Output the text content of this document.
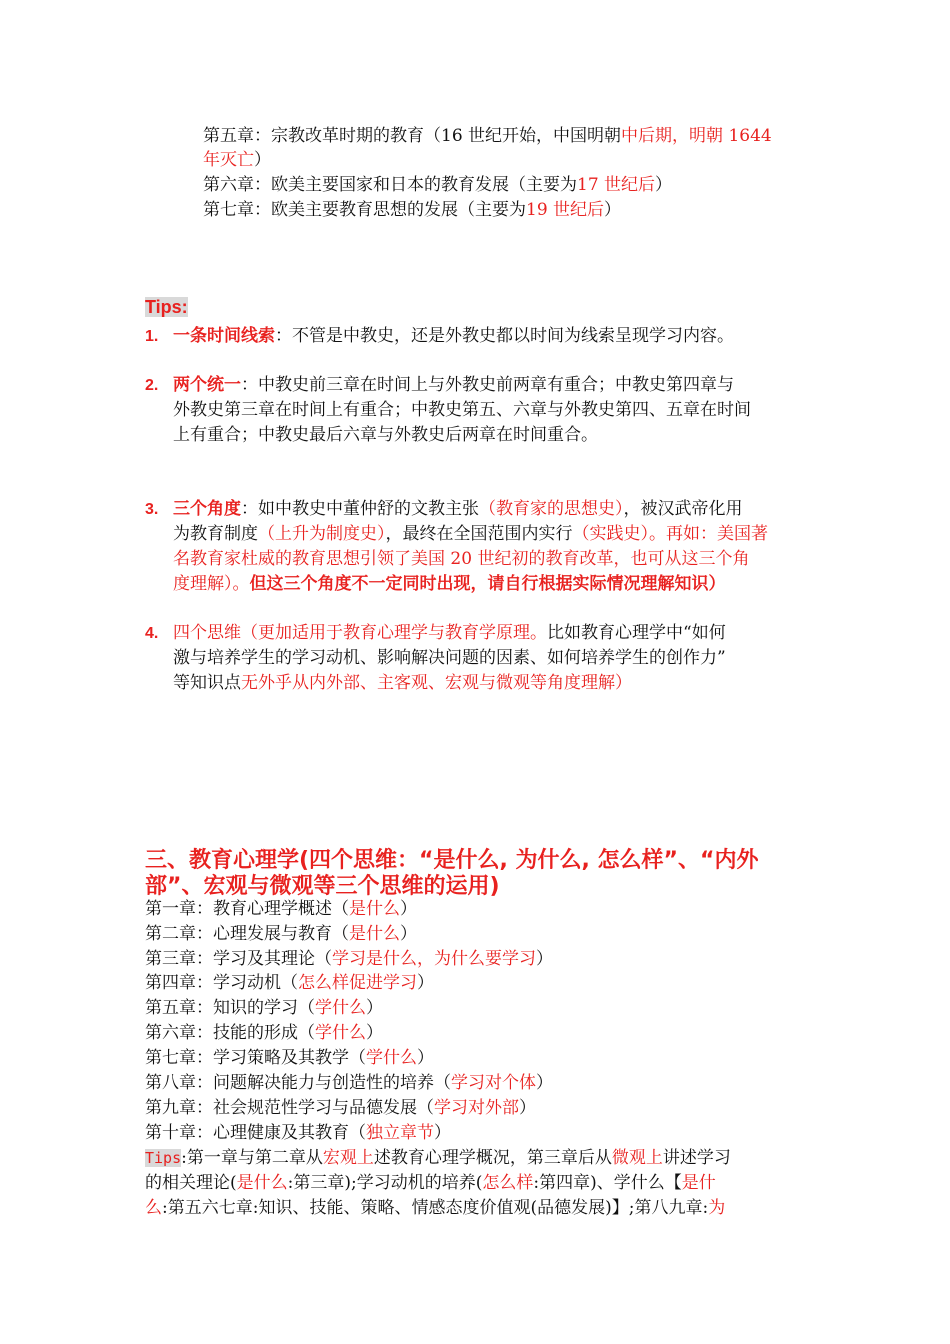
第五章：宗教改革时期的教育（16 世纪开始，中国明朝中后期，明朝 1644
年灭亡）
第六章：欧美主要国家和日本的教育发展（主要为17 世纪后）
第七章：欧美主要教育思想的发展（主要为19 世纪后）
Tips:
1. 一条时间线索：不管是中教史，还是外教史都以时间为线索呈现学习内容。
2. 两个统一：中教史前三章在时间上与外教史前两章有重合；中教史第四章与
外教史第三章在时间上有重合；中教史第五、六章与外教史第四、五章在时间
上有重合；中教史最后六章与外教史后两章在时间重合。
3. 三个角度：如中教史中董仲舒的文教主张（教育家的思想史），被汉武帝化用
为教育制度（上升为制度史），最终在全国范围内实行（实践史）。再如：美国著
名教育家杜威的教育思想引领了美国 20 世纪初的教育改革，也可从这三个角
度理解）。但这三个角度不一定同时出现，请自行根据实际情况理解知识）
4. 四个思维（更加适用于教育心理学与教育学原理。比如教育心理学中“如何
激与培养学生的学习动机、影响解决问题的因素、如何培养学生的创作力”
等知识点无外乎从内外部、主客观、宏观与微观等角度理解）
三、教育心理学(四个思维：“是什么, 为什么, 怎么样”、“内外
部”、宏观与微观等三个思维的运用)
第一章：教育心理学概述（是什么）
第二章：心理发展与教育（是什么）
第三章：学习及其理论（学习是什么，为什么要学习）
第四章：学习动机（怎么样促进学习）
第五章：知识的学习（学什么）
第六章：技能的形成（学什么）
第七章：学习策略及其教学（学什么）
第八章：问题解决能力与创造性的培养（学习对个体）
第九章：社会规范性学习与品德发展（学习对外部）
第十章：心理健康及其教育（独立章节）
Tips:第一章与第二章从宏观上述教育心理学概况，第三章后从微观上讲述学习
的相关理论(是什么:第三章);学习动机的培养(怎么样:第四章)、学什么【是什
么:第五六七章:知识、技能、策略、情感态度价值观(品德发展)】;第八九章:为
